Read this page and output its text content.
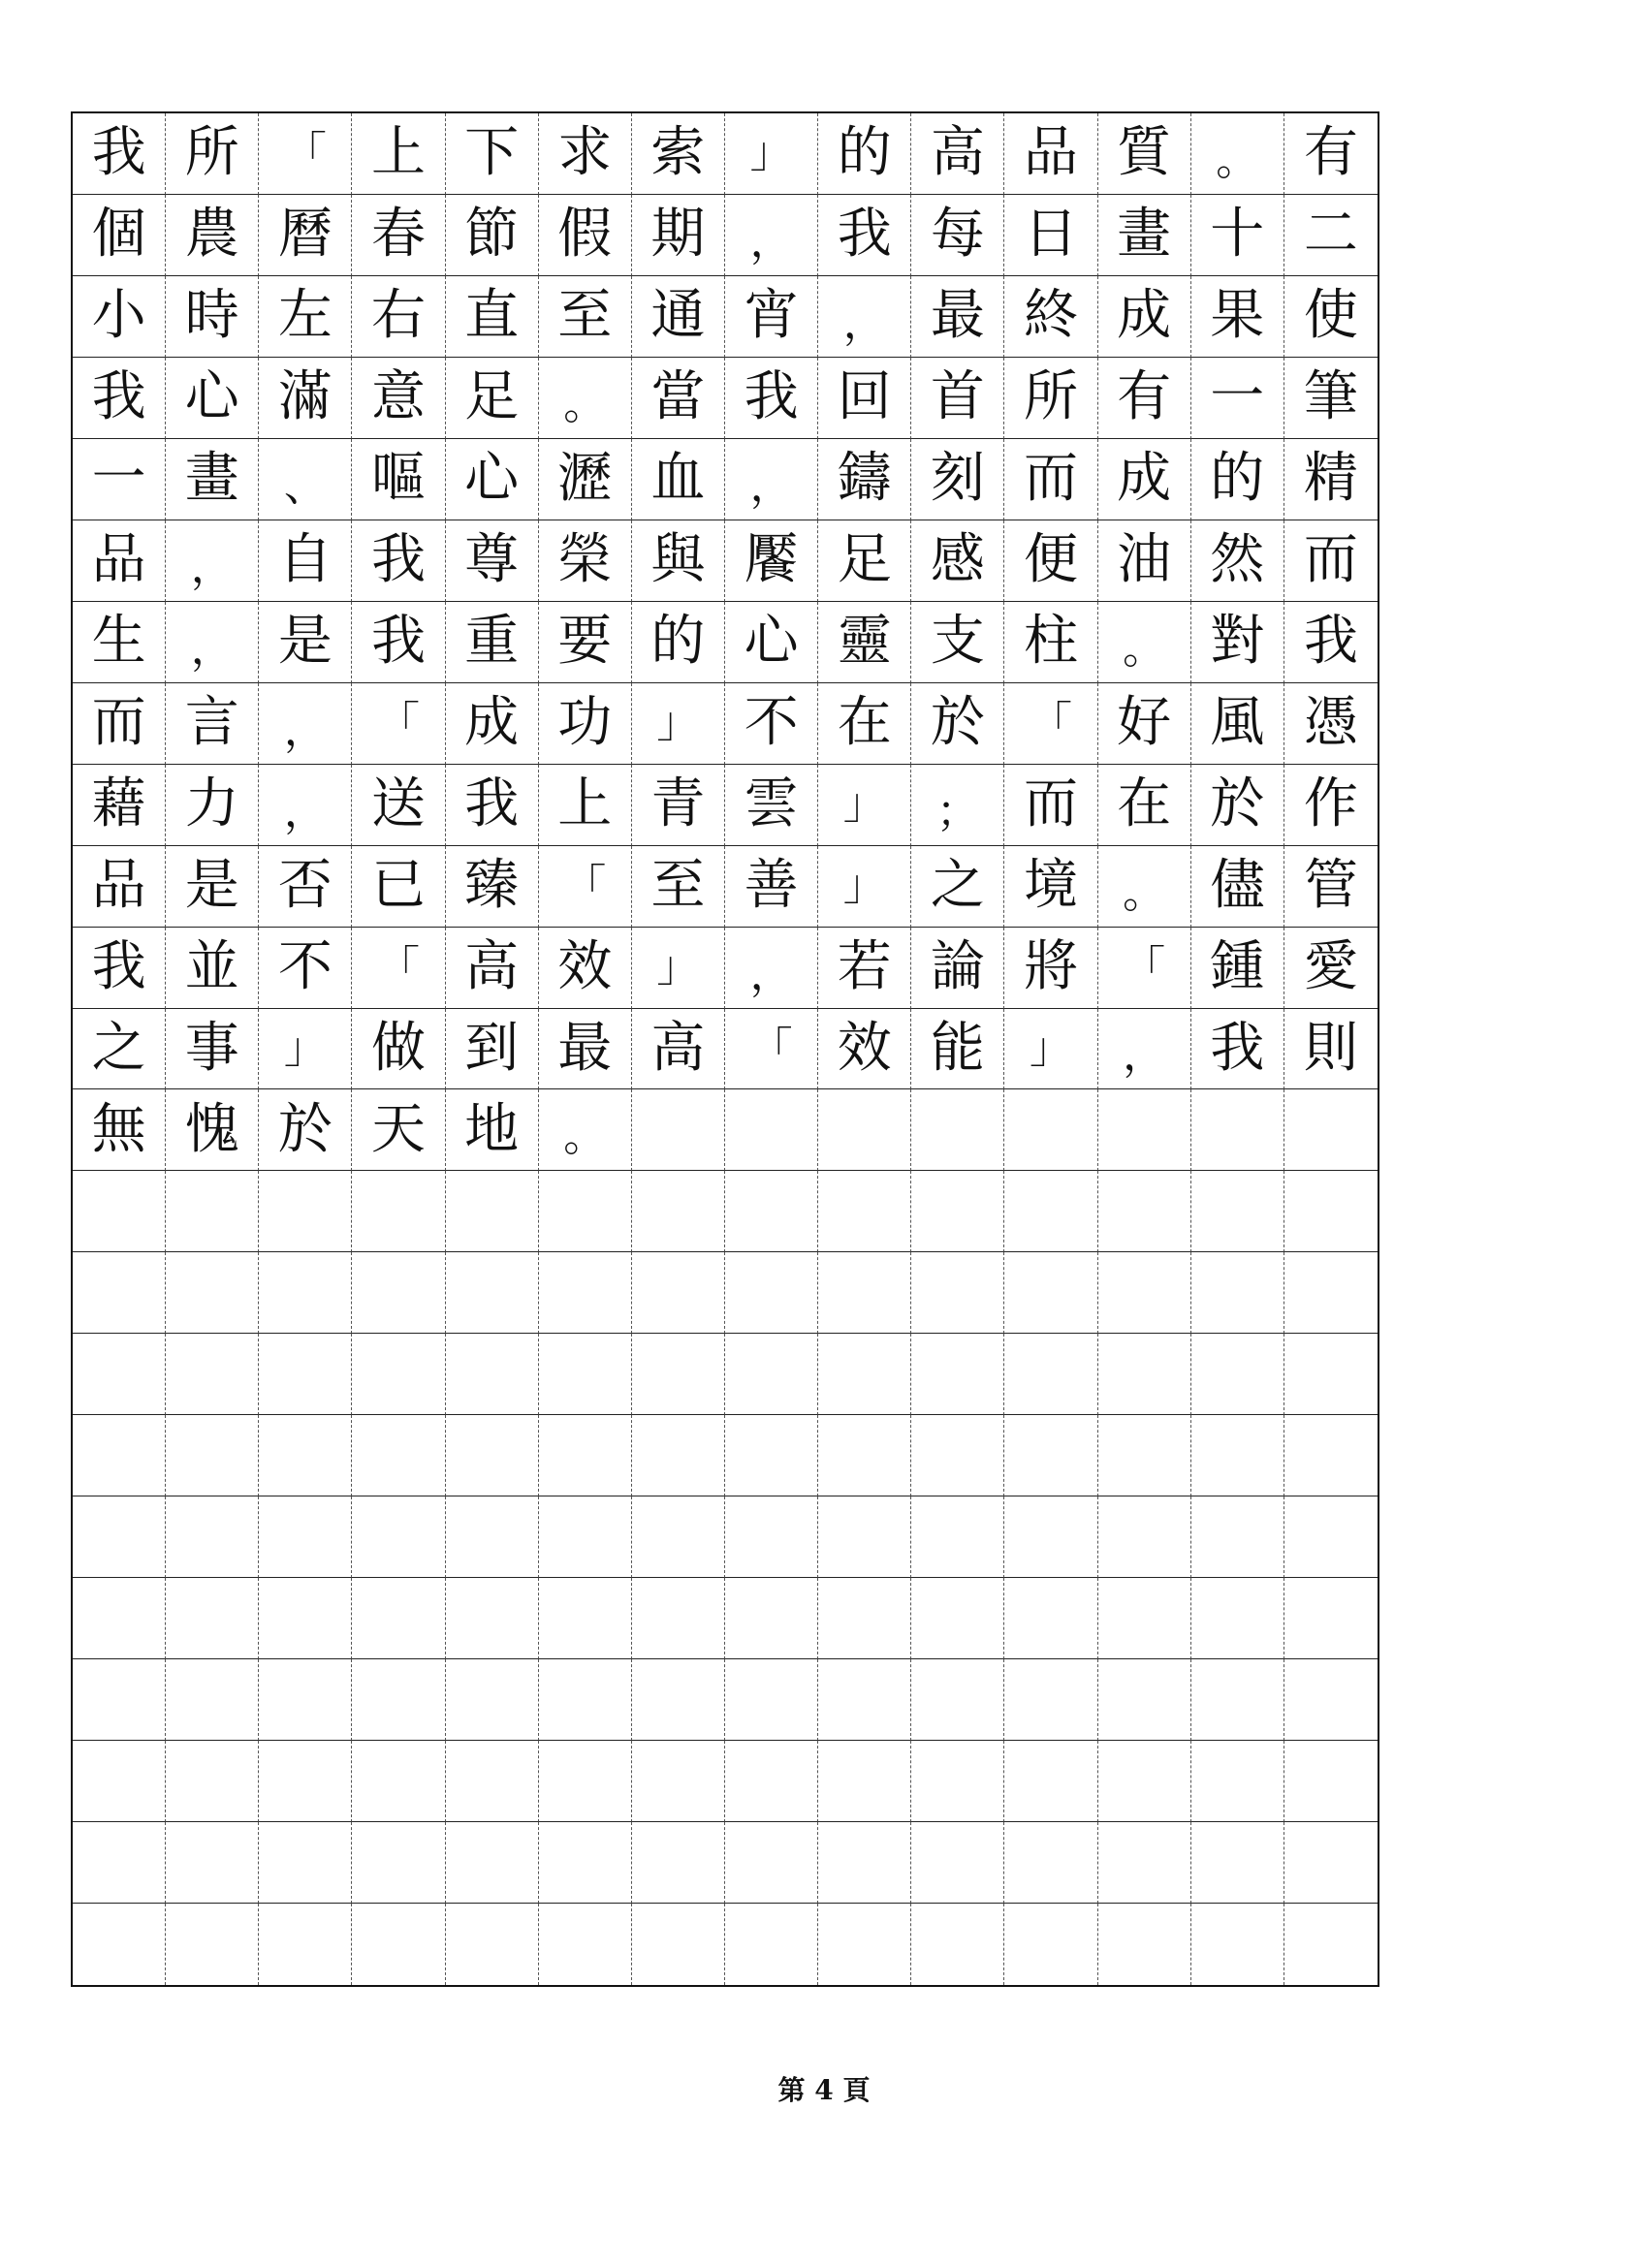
我 所	「 上 下 求 索	」 的 高 品 質	。 有
個 農 曆 春 節 假 期	， 我 每 日 畫 十 二
小 時 左 右 直 至 通 宵	， 最 終 成 果 使
我 心 滿 意 足	。 當 我 回 首 所 有 一 筆
一 畫	、 嘔 心 瀝 血	， 鑄 刻 而 成 的 精
品	， 自 我 尊 榮 與 饜 足 感 便 油 然 而
生	， 是 我 重 要 的 心 靈 支 柱	。 對 我
而 言	，	「 成 功	」 不 在 於	「 好 風 憑
藉 力	， 送 我 上 青 雲	」	； 而 在 於 作
品 是 否 已 臻	「 至 善	」 之 境	。 儘 管
我 並 不	「 高 效	」	， 若 論 將	「 鍾 愛
之 事	」 做 到 最 高	「 效 能	」	， 我 則
無 愧 於 天 地	。
第 4 頁
